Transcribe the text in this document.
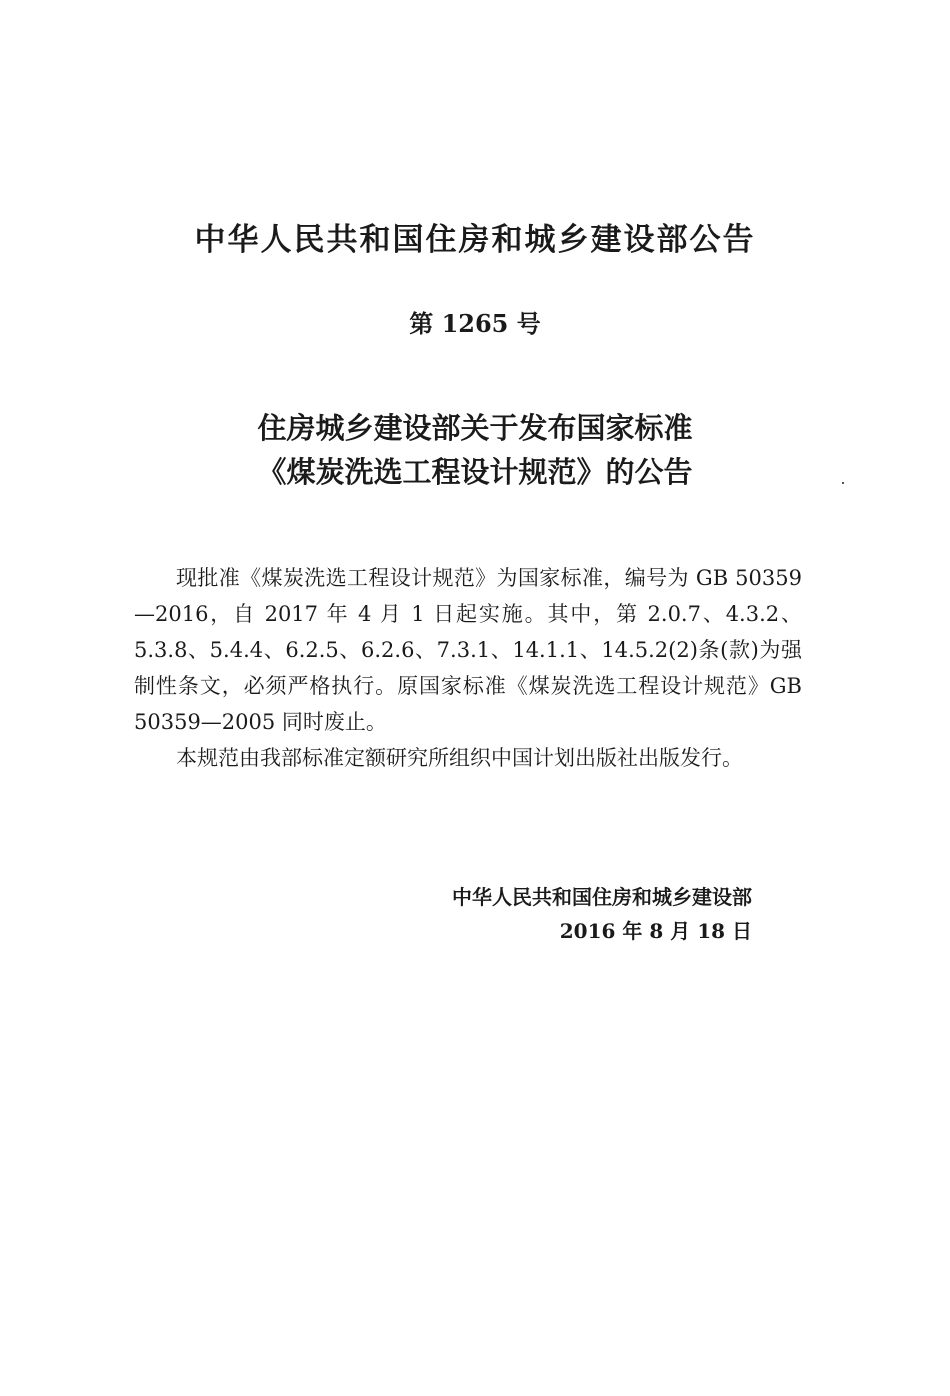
中华人民共和国住房和城乡建设部公告
第 1265 号
住房城乡建设部关于发布国家标准
《煤炭洗选工程设计规范》的公告

现批准《煤炭洗选工程设计规范》为国家标准，编号为 GB 50359—2016，自 2017 年 4 月 1 日起实施。其中，第 2.0.7、4.3.2、5.3.8、5.4.4、6.2.5、6.2.6、7.3.1、14.1.1、14.5.2(2)条(款)为强制性条文，必须严格执行。原国家标准《煤炭洗选工程设计规范》GB 50359—2005 同时废止。

本规范由我部标准定额研究所组织中国计划出版社出版发行。

中华人民共和国住房和城乡建设部
2016 年 8 月 18 日
